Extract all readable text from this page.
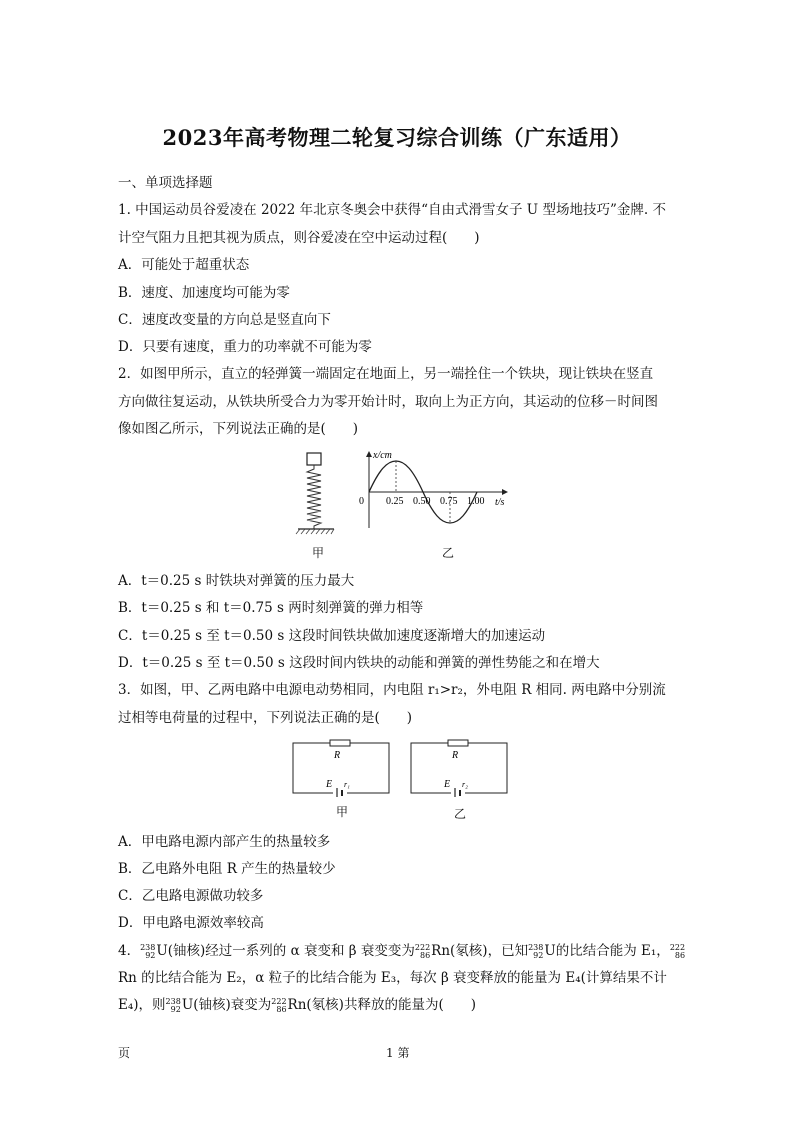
2023年高考物理二轮复习综合训练（广东适用）
一、单项选择题
1. 中国运动员谷爱凌在 2022 年北京冬奥会中获得“自由式滑雪女子 U 型场地技巧”金牌. 不
计空气阻力且把其视为质点，则谷爱凌在空中运动过程(　　)
A．可能处于超重状态
B．速度、加速度均可能为零
C．速度改变量的方向总是竖直向下
D．只要有速度，重力的功率就不可能为零
2．如图甲所示，直立的轻弹簧一端固定在地面上，另一端拴住一个铁块，现让铁块在竖直
方向做往复运动，从铁块所受合力为零开始计时，取向上为正方向，其运动的位移－时间图
像如图乙所示，下列说法正确的是(　　)
甲
x/cm
t/s
0 0.25 0.50 0.75 1.00
乙
A．t＝0.25 s 时铁块对弹簧的压力最大
B．t＝0.25 s 和 t＝0.75 s 两时刻弹簧的弹力相等
C．t＝0.25 s 至 t＝0.50 s 这段时间铁块做加速度逐渐增大的加速运动
D．t＝0.25 s 至 t＝0.50 s 这段时间内铁块的动能和弹簧的弹性势能之和在增大
3．如图，甲、乙两电路中电源电动势相同，内电阻 r₁>r₂，外电阻 R 相同. 两电路中分别流
过相等电荷量的过程中，下列说法正确的是(　　)
R
E r₁
甲
R
E r₂
乙
A．甲电路电源内部产生的热量较多
B．乙电路外电阻 R 产生的热量较少
C．乙电路电源做功较多
D．甲电路电源效率较高
4． 238
92 U(铀核)经过一系列的 α 衰变和 β 衰变变为 222
86 Rn(氡核)，已知 238
92 U的比结合能为 E₁， 222
86
Rn 的比结合能为 E₂，α 粒子的比结合能为 E₃，每次 β 衰变释放的能量为 E₄(计算结果不计
E₄)，则 238
92 U(铀核)衰变为 222
86 Rn(氡核)共释放的能量为(　　)
页	1 第
